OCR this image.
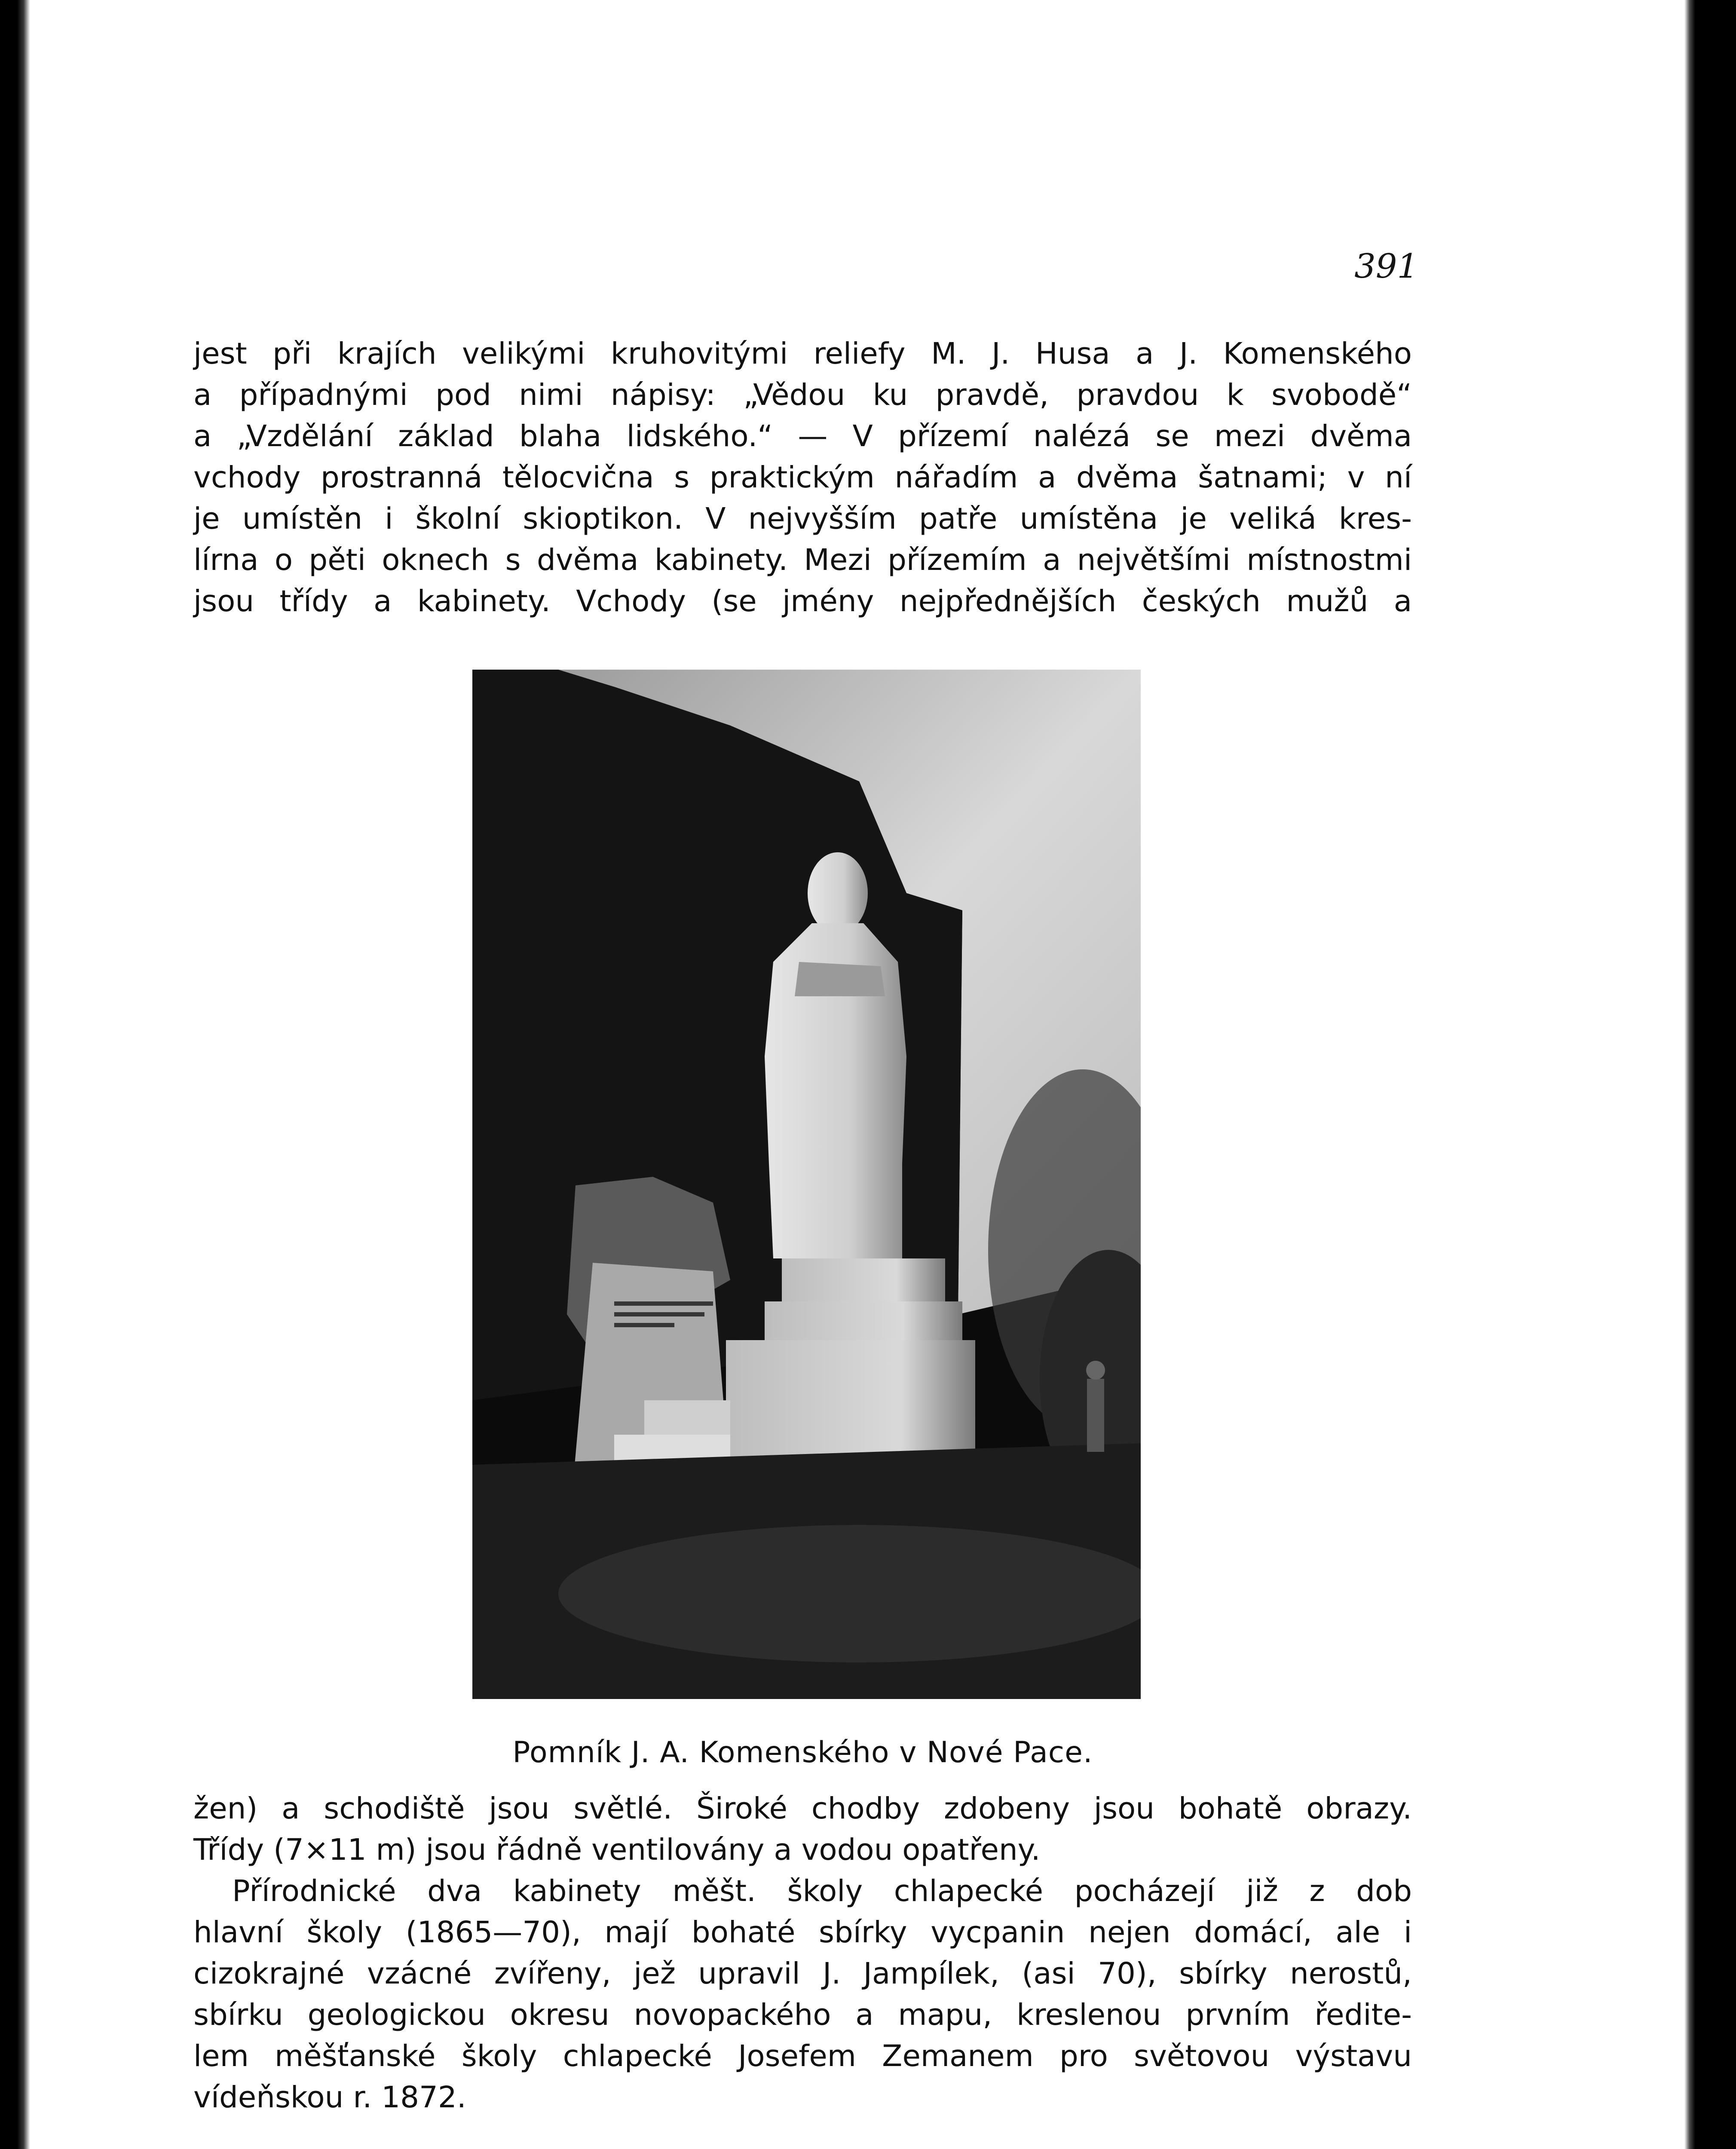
391
jest při krajích velikými kruhovitými reliefy M. J. Husa a J. Komenského
a případnými pod nimi nápisy: „Vědou ku pravdě, pravdou k svobodě“
a „Vzdělání základ blaha lidského.“ — V přízemí nalézá se mezi dvěma
vchody prostranná tělocvična s praktickým nářadím a dvěma šatnami; v ní
je umístěn i školní skioptikon. V nejvyšším patře umístěna je veliká kres-
lírna o pěti oknech s dvěma kabinety. Mezi přízemím a největšími místnostmi
jsou třídy a kabinety. Vchody (se jmény nejpřednějších českých mužů a
Pomník J. A. Komenského v Nové Pace.
žen) a schodiště jsou světlé. Široké chodby zdobeny jsou bohatě obrazy.
Třídy (7×11 m) jsou řádně ventilovány a vodou opatřeny.
Přírodnické dva kabinety měšt. školy chlapecké pocházejí již z dob
hlavní školy (1865—70), mají bohaté sbírky vycpanin nejen domácí, ale i
cizokrajné vzácné zvířeny, jež upravil J. Jampílek, (asi 70), sbírky nerostů,
sbírku geologickou okresu novopackého a mapu, kreslenou prvním ředite-
lem měšťanské školy chlapecké Josefem Zemanem pro světovou výstavu
vídeňskou r. 1872.
